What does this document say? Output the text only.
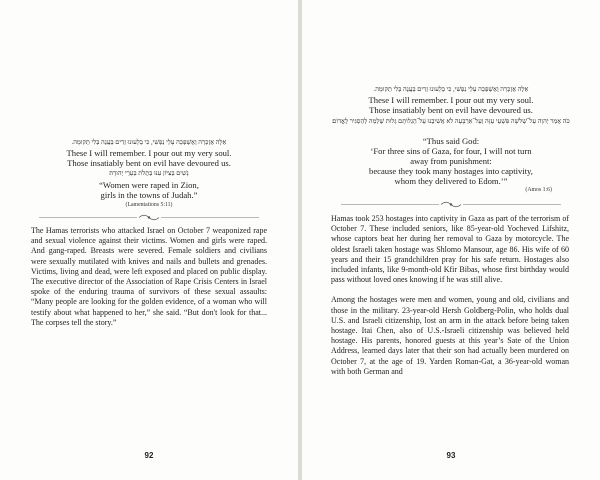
אֵלֶּה אֶזְכְּרָה וְאֶשְׁפְּכָה עָלַי נַפְשִׁי, כִּי בְלָעוּנוּ זֵדִים בְּעֲנֶה בְּלִי תְקוּמָה.
These I will remember. I pour out my very soul.
Those insatiably bent on evil have devoured us.
נָשִׁים בְּצִיּוֹן עִנּוּ בְּתֻלֹת בְּעָרֵי יְהוּדָה׃
“Women were raped in Zion,
girls in the towns of Judah.”
(Lamentations 5:11)

The Hamas terrorists who attacked Israel on October 7 weaponized rape and sexual violence against their victims. Women and girls were raped. And gang-raped. Breasts were severed. Female soldiers and civilians were sexually mutilated with knives and nails and bullets and grenades. Victims, living and dead, were left exposed and placed on public display. The executive director of the Association of Rape Crisis Centers in Israel spoke of the enduring trauma of survivors of these sexual assaults: “Many people are looking for the golden evidence, of a woman who will testify about what happened to her,” she said. “But don't look for that... The corpses tell the story.”

92
אֵלֶּה אֶזְכְּרָה וְאֶשְׁפְּכָה עָלַי נַפְשִׁי, כִּי בְלָעוּנוּ זֵדִים בְּעֲנֶה בְּלִי תְקוּמָה.
These I will remember. I pour out my very soul.
Those insatiably bent on evil have devoured us.
כֹּה אָמַר יְהוָה עַל־שְׁלֹשָׁה פִּשְׁעֵי עַזָּה וְעַל־אַרְבָּעָה לֹא אֲשִׁיבֶנּוּ עַל־הַגְלוֹתָם גָּלוּת שְׁלֵמָה לְהַסְגִּיר לֶאֱדוֹם׃
“Thus said God:
‘For three sins of Gaza, for four, I will not turn
away from punishment:
because they took many hostages into captivity,
whom they delivered to Edom.’”
(Amos 1:6)

Hamas took 253 hostages into captivity in Gaza as part of the terrorism of October 7. These included seniors, like 85-year-old Yocheved Lifshitz, whose captors beat her during her removal to Gaza by motorcycle. The oldest Israeli taken hostage was Shlomo Mansour, age 86. His wife of 60 years and their 15 grandchildren pray for his safe return. Hostages also included infants, like 9-month-old Kfir Bibas, whose first birthday would pass without loved ones knowing if he was still alive.

Among the hostages were men and women, young and old, civilians and those in the military. 23-year-old Hersh Goldberg-Polin, who holds dual U.S. and Israeli citizenship, lost an arm in the attack before being taken hostage. Itai Chen, also of U.S.-Israeli citizenship was believed held hostage. His parents, honored guests at this year’s Sate of the Union Address, learned days later that their son had actually been murdered on October 7, at the age of 19. Yarden Roman-Gat, a 36-year-old woman with both German and

93
